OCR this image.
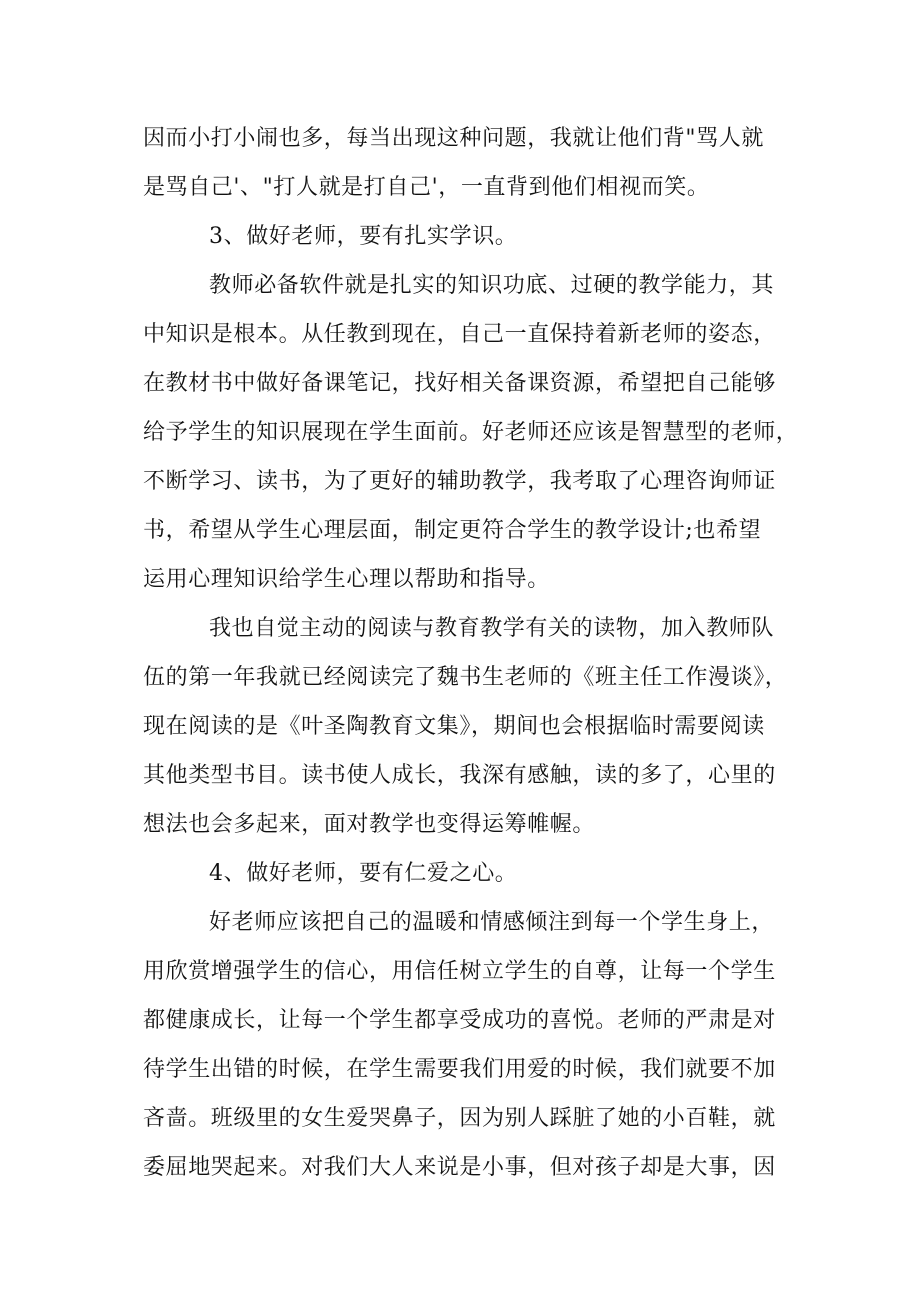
因而小打小闹也多，每当出现这种问题，我就让他们背"骂人就
是骂自己'、"打人就是打自己'，一直背到他们相视而笑。
3、做好老师，要有扎实学识。
教师必备软件就是扎实的知识功底、过硬的教学能力，其
中知识是根本。从任教到现在，自己一直保持着新老师的姿态，
在教材书中做好备课笔记，找好相关备课资源，希望把自己能够
给予学生的知识展现在学生面前。好老师还应该是智慧型的老师，
不断学习、读书，为了更好的辅助教学，我考取了心理咨询师证
书，希望从学生心理层面，制定更符合学生的教学设计;也希望
运用心理知识给学生心理以帮助和指导。
我也自觉主动的阅读与教育教学有关的读物，加入教师队
伍的第一年我就已经阅读完了魏书生老师的《班主任工作漫谈》，
现在阅读的是《叶圣陶教育文集》，期间也会根据临时需要阅读
其他类型书目。读书使人成长，我深有感触，读的多了，心里的
想法也会多起来，面对教学也变得运筹帷幄。
4、做好老师，要有仁爱之心。
好老师应该把自己的温暖和情感倾注到每一个学生身上，
用欣赏增强学生的信心，用信任树立学生的自尊，让每一个学生
都健康成长，让每一个学生都享受成功的喜悦。老师的严肃是对
待学生出错的时候，在学生需要我们用爱的时候，我们就要不加
吝啬。班级里的女生爱哭鼻子，因为别人踩脏了她的小百鞋，就
委屈地哭起来。对我们大人来说是小事，但对孩子却是大事，因
